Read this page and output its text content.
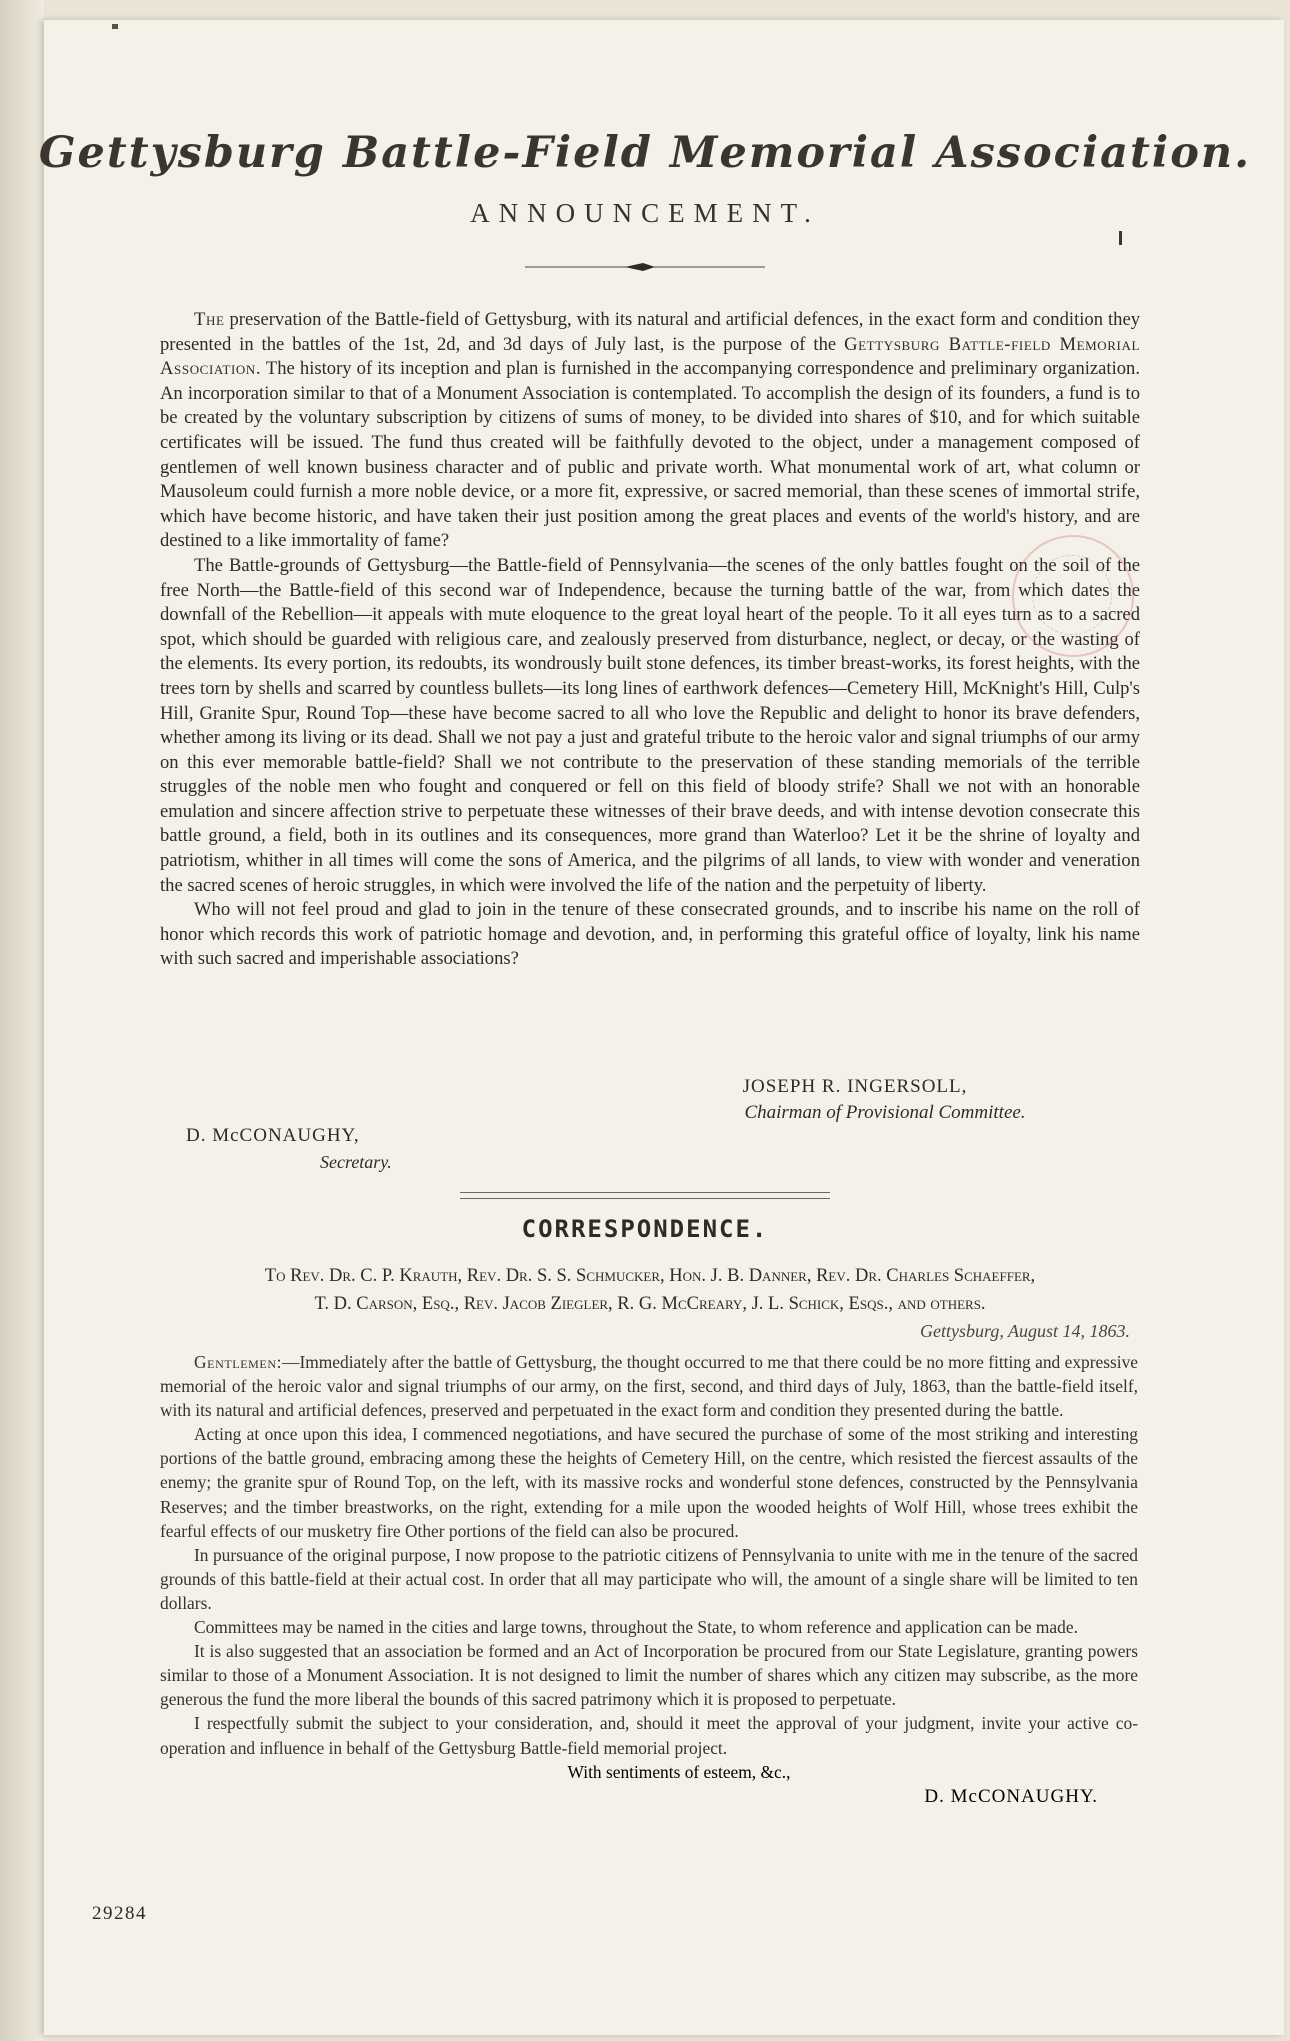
Gettysburg Battle-Field Memorial Association.
ANNOUNCEMENT.

The preservation of the Battle-field of Gettysburg, with its natural and artificial defences, in the exact form and condition they presented in the battles of the 1st, 2d, and 3d days of July last, is the purpose of the Gettysburg Battle-field Memorial Association. The history of its inception and plan is furnished in the accompanying correspondence and preliminary organization. An incorporation similar to that of a Monument Association is contemplated. To accomplish the design of its founders, a fund is to be created by the voluntary subscription by citizens of sums of money, to be divided into shares of $10, and for which suitable certificates will be issued. The fund thus created will be faithfully devoted to the object, under a management composed of gentlemen of well known business character and of public and private worth. What monumental work of art, what column or Mausoleum could furnish a more noble device, or a more fit, expressive, or sacred memorial, than these scenes of immortal strife, which have become historic, and have taken their just position among the great places and events of the world's history, and are destined to a like immortality of fame?

The Battle-grounds of Gettysburg—the Battle-field of Pennsylvania—the scenes of the only battles fought on the soil of the free North—the Battle-field of this second war of Independence, because the turning battle of the war, from which dates the downfall of the Rebellion—it appeals with mute eloquence to the great loyal heart of the people. To it all eyes turn as to a sacred spot, which should be guarded with religious care, and zealously preserved from disturbance, neglect, or decay, or the wasting of the elements. Its every portion, its redoubts, its wondrously built stone defences, its timber breast-works, its forest heights, with the trees torn by shells and scarred by countless bullets—its long lines of earthwork defences—Cemetery Hill, McKnight's Hill, Culp's Hill, Granite Spur, Round Top—these have become sacred to all who love the Republic and delight to honor its brave defenders, whether among its living or its dead. Shall we not pay a just and grateful tribute to the heroic valor and signal triumphs of our army on this ever memorable battle-field? Shall we not contribute to the preservation of these standing memorials of the terrible struggles of the noble men who fought and conquered or fell on this field of bloody strife? Shall we not with an honorable emulation and sincere affection strive to perpetuate these witnesses of their brave deeds, and with intense devotion consecrate this battle ground, a field, both in its outlines and its consequences, more grand than Waterloo? Let it be the shrine of loyalty and patriotism, whither in all times will come the sons of America, and the pilgrims of all lands, to view with wonder and veneration the sacred scenes of heroic struggles, in which were involved the life of the nation and the perpetuity of liberty.

Who will not feel proud and glad to join in the tenure of these consecrated grounds, and to inscribe his name on the roll of honor which records this work of patriotic homage and devotion, and, in performing this grateful office of loyalty, link his name with such sacred and imperishable associations?

JOSEPH R. INGERSOLL,
Chairman of Provisional Committee.
D. McCONAUGHY,
Secretary.
CORRESPONDENCE.
To Rev. Dr. C. P. Krauth, Rev. Dr. S. S. Schmucker, Hon. J. B. Danner, Rev. Dr. Charles Schaeffer,
T. D. Carson, Esq., Rev. Jacob Ziegler, R. G. McCreary, J. L. Schick, Esqs., and others.
Gettysburg, August 14, 1863.

Gentlemen:—Immediately after the battle of Gettysburg, the thought occurred to me that there could be no more fitting and expressive memorial of the heroic valor and signal triumphs of our army, on the first, second, and third days of July, 1863, than the battle-field itself, with its natural and artificial defences, preserved and perpetuated in the exact form and condition they presented during the battle.

Acting at once upon this idea, I commenced negotiations, and have secured the purchase of some of the most striking and interesting portions of the battle ground, embracing among these the heights of Cemetery Hill, on the centre, which resisted the fiercest assaults of the enemy; the granite spur of Round Top, on the left, with its massive rocks and wonderful stone defences, constructed by the Pennsylvania Reserves; and the timber breastworks, on the right, extending for a mile upon the wooded heights of Wolf Hill, whose trees exhibit the fearful effects of our musketry fire Other portions of the field can also be procured.

In pursuance of the original purpose, I now propose to the patriotic citizens of Pennsylvania to unite with me in the tenure of the sacred grounds of this battle-field at their actual cost. In order that all may participate who will, the amount of a single share will be limited to ten dollars.

Committees may be named in the cities and large towns, throughout the State, to whom reference and application can be made.

It is also suggested that an association be formed and an Act of Incorporation be procured from our State Legislature, granting powers similar to those of a Monument Association. It is not designed to limit the number of shares which any citizen may subscribe, as the more generous the fund the more liberal the bounds of this sacred patrimony which it is proposed to perpetuate.

I respectfully submit the subject to your consideration, and, should it meet the approval of your judgment, invite your active co-operation and influence in behalf of the Gettysburg Battle-field memorial project.

With sentiments of esteem, &c.,
D. McCONAUGHY.
29284
